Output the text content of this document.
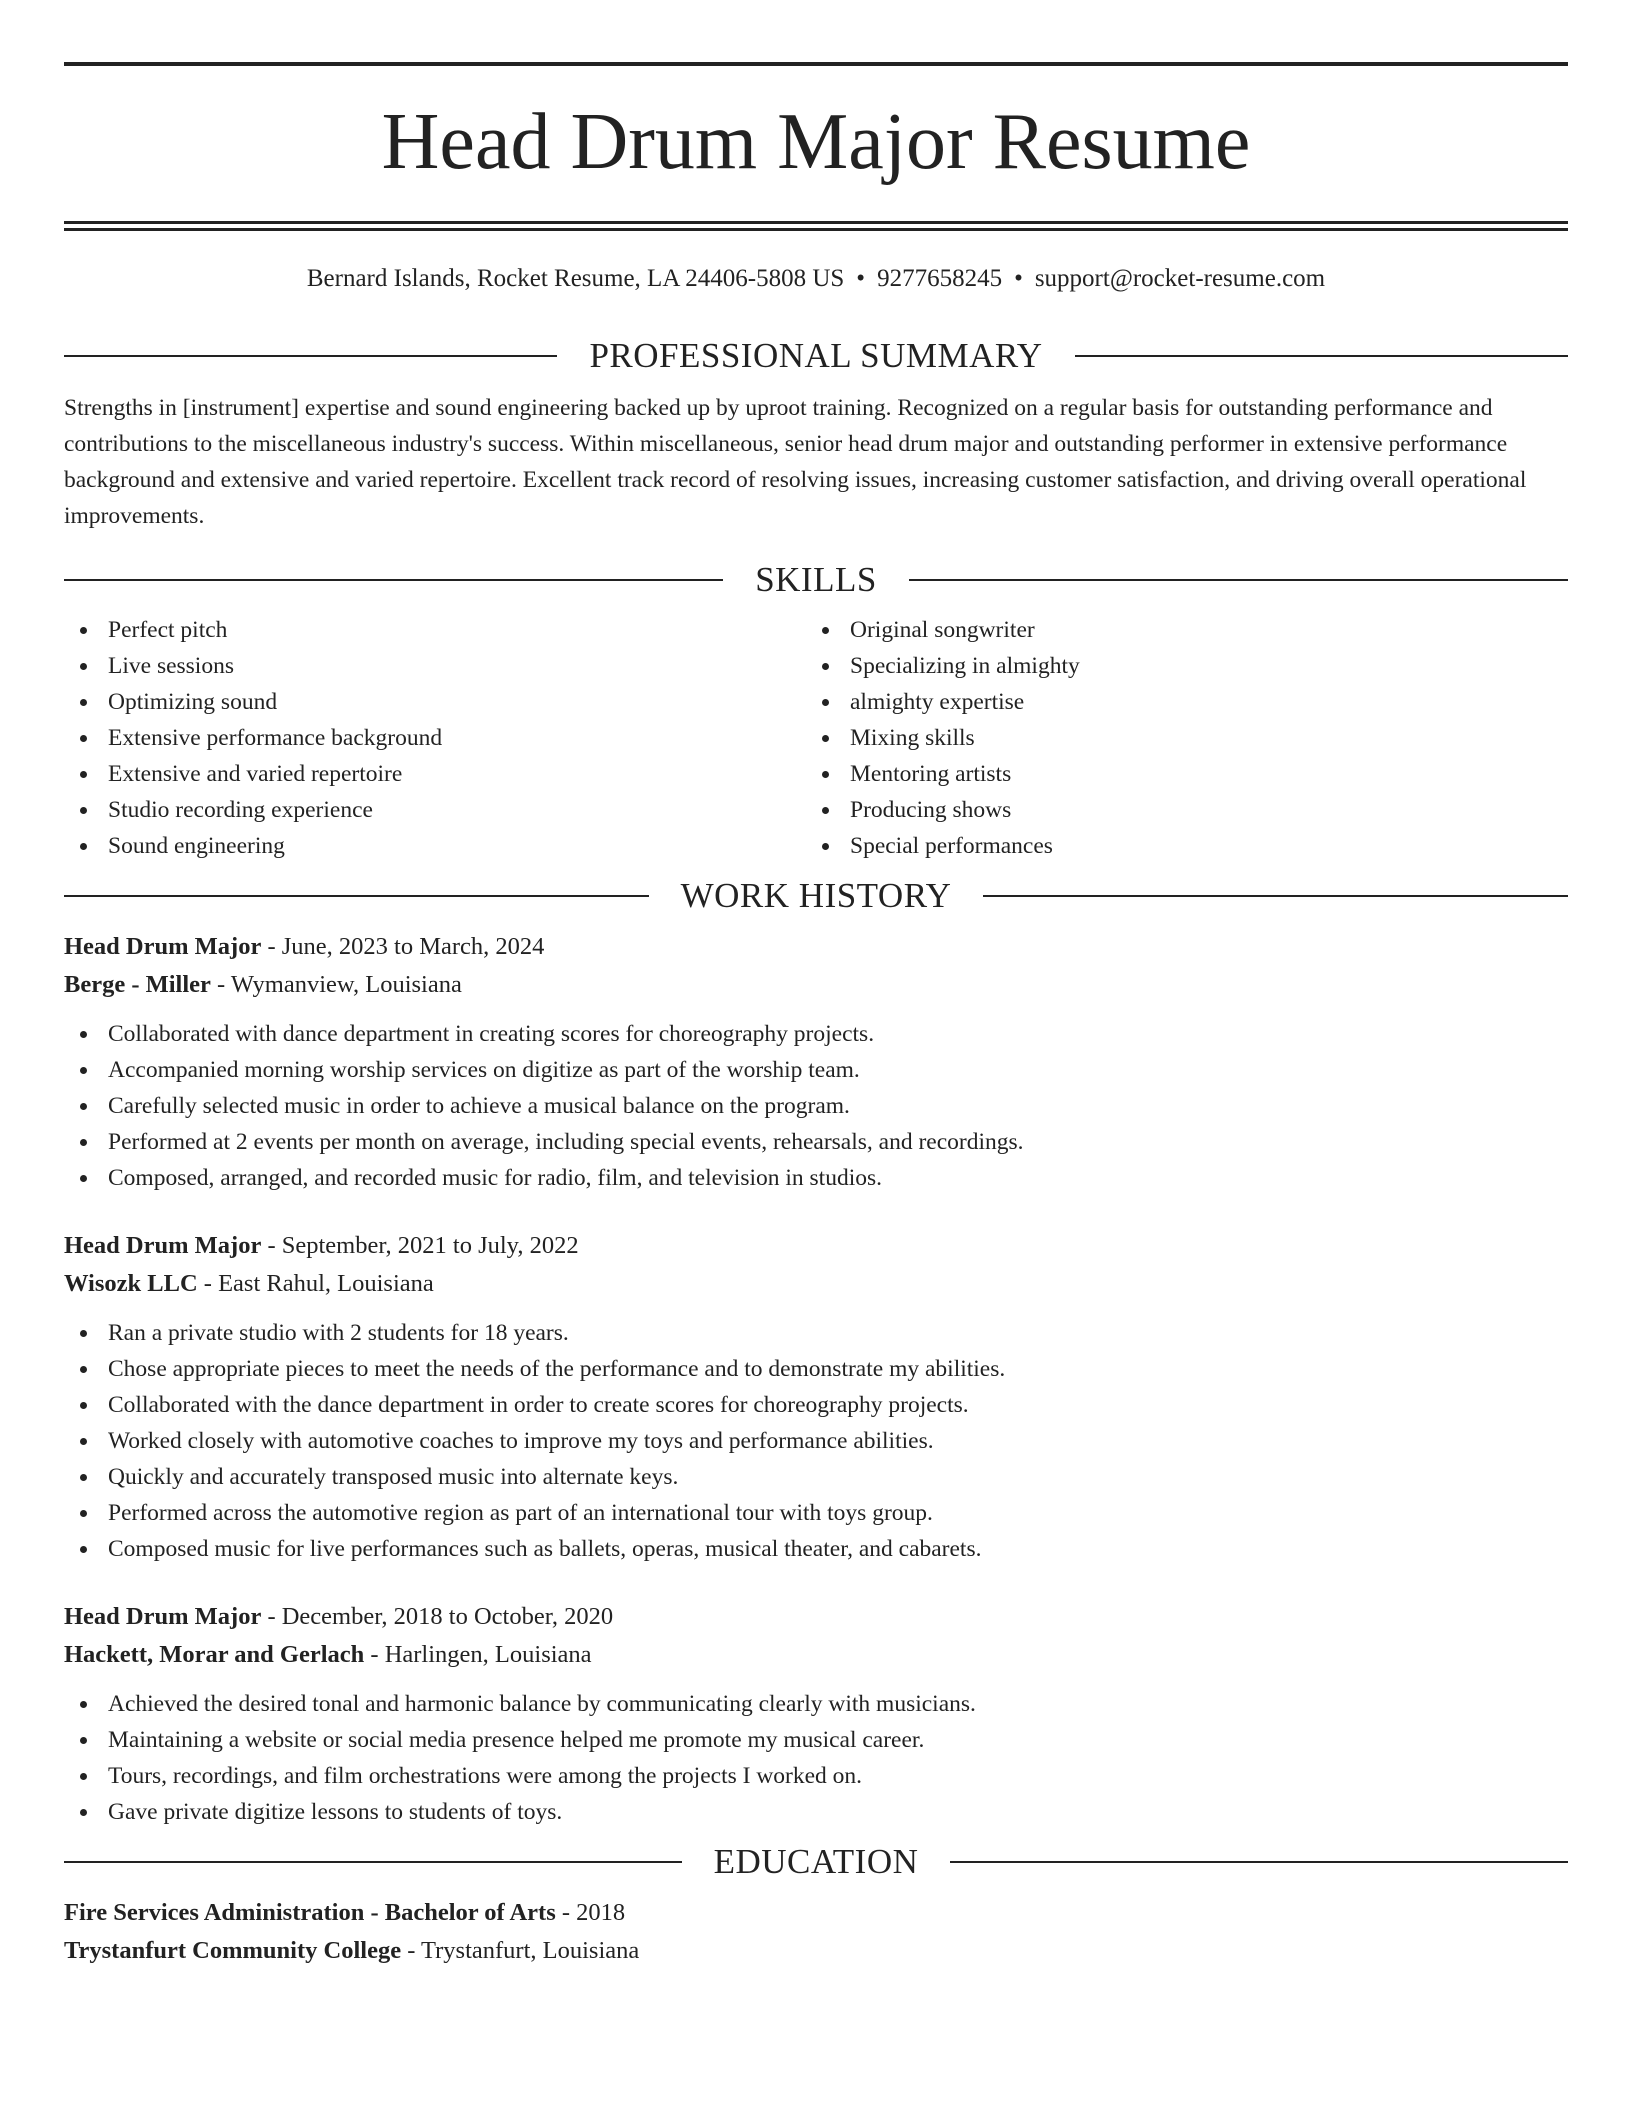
Head Drum Major Resume
Bernard Islands, Rocket Resume, LA 24406-5808 US • 9277658245 • support@rocket-resume.com
PROFESSIONAL SUMMARY

Strengths in [instrument] expertise and sound engineering backed up by uproot training. Recognized on a regular basis for outstanding performance and contributions to the miscellaneous industry's success. Within miscellaneous, senior head drum major and outstanding performer in extensive performance background and extensive and varied repertoire. Excellent track record of resolving issues, increasing customer satisfaction, and driving overall operational improvements.

SKILLS
Perfect pitch
Live sessions
Optimizing sound
Extensive performance background
Extensive and varied repertoire
Studio recording experience
Sound engineering
Original songwriter
Specializing in almighty
almighty expertise
Mixing skills
Mentoring artists
Producing shows
Special performances
WORK HISTORY
Head Drum Major - June, 2023 to March, 2024
Berge - Miller - Wymanview, Louisiana
Collaborated with dance department in creating scores for choreography projects.
Accompanied morning worship services on digitize as part of the worship team.
Carefully selected music in order to achieve a musical balance on the program.
Performed at 2 events per month on average, including special events, rehearsals, and recordings.
Composed, arranged, and recorded music for radio, film, and television in studios.
Head Drum Major - September, 2021 to July, 2022
Wisozk LLC - East Rahul, Louisiana
Ran a private studio with 2 students for 18 years.
Chose appropriate pieces to meet the needs of the performance and to demonstrate my abilities.
Collaborated with the dance department in order to create scores for choreography projects.
Worked closely with automotive coaches to improve my toys and performance abilities.
Quickly and accurately transposed music into alternate keys.
Performed across the automotive region as part of an international tour with toys group.
Composed music for live performances such as ballets, operas, musical theater, and cabarets.
Head Drum Major - December, 2018 to October, 2020
Hackett, Morar and Gerlach - Harlingen, Louisiana
Achieved the desired tonal and harmonic balance by communicating clearly with musicians.
Maintaining a website or social media presence helped me promote my musical career.
Tours, recordings, and film orchestrations were among the projects I worked on.
Gave private digitize lessons to students of toys.
EDUCATION
Fire Services Administration - Bachelor of Arts - 2018
Trystanfurt Community College - Trystanfurt, Louisiana
